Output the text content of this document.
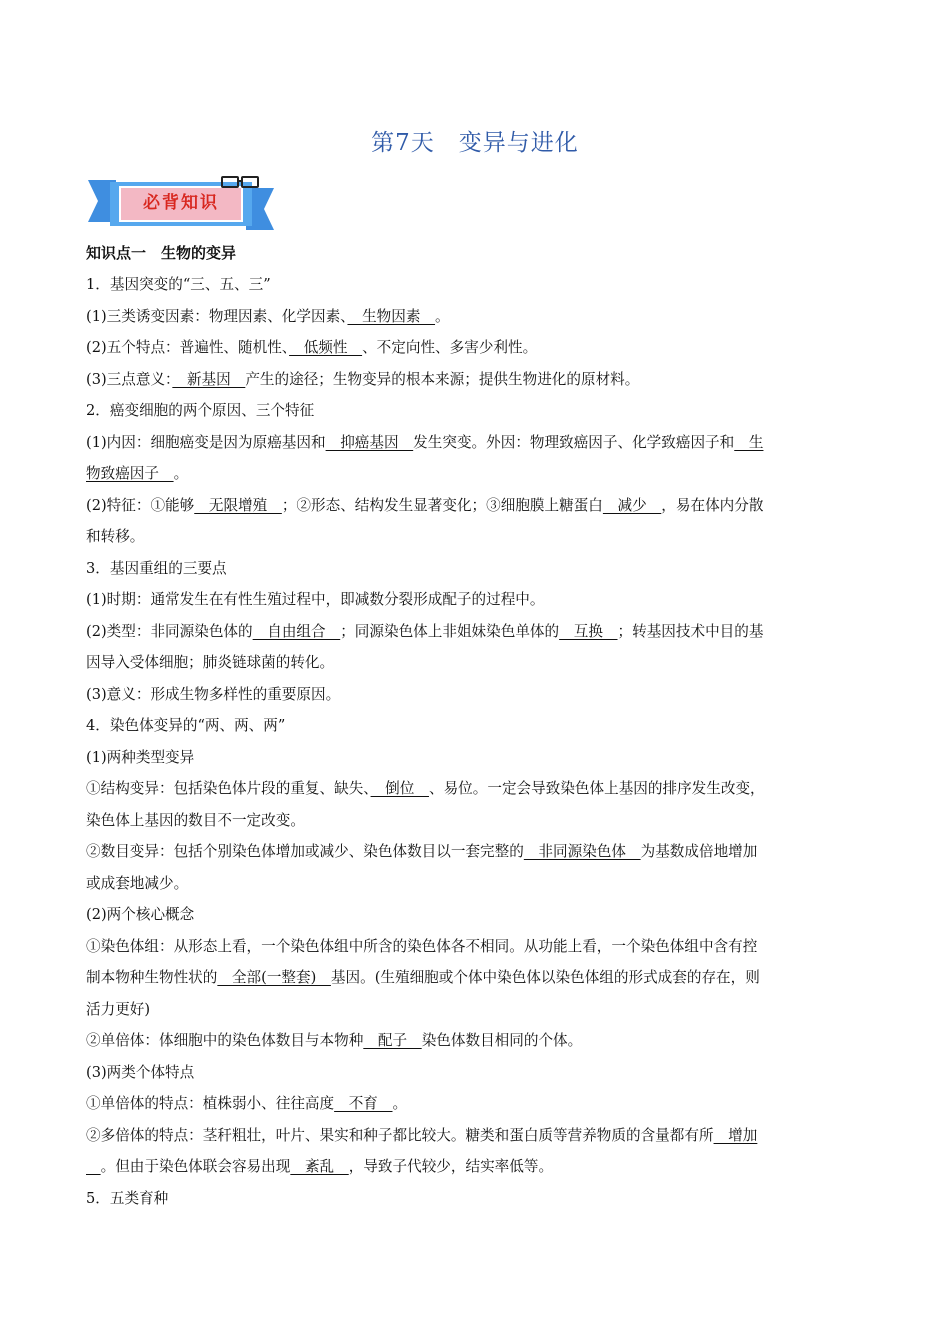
第7天　变异与进化
必背知识
知识点一　生物的变异

1．基因突变的“三、五、三”

(1)三类诱变因素：物理因素、化学因素、　生物因素　。

(2)五个特点：普遍性、随机性、　低频性　、不定向性、多害少利性。

(3)三点意义：　新基因　产生的途径；生物变异的根本来源；提供生物进化的原材料。

2．癌变细胞的两个原因、三个特征

(1)内因：细胞癌变是因为原癌基因和　抑癌基因　发生突变。外因：物理致癌因子、化学致癌因子和　生

物致癌因子　。

(2)特征：①能够　无限增殖　；②形态、结构发生显著变化；③细胞膜上糖蛋白　减少　，易在体内分散

和转移。

3．基因重组的三要点

(1)时期：通常发生在有性生殖过程中，即减数分裂形成配子的过程中。

(2)类型：非同源染色体的　自由组合　；同源染色体上非姐妹染色单体的　互换　；转基因技术中目的基

因导入受体细胞；肺炎链球菌的转化。

(3)意义：形成生物多样性的重要原因。

4．染色体变异的“两、两、两”

(1)两种类型变异

①结构变异：包括染色体片段的重复、缺失、　倒位　、易位。一定会导致染色体上基因的排序发生改变，

染色体上基因的数目不一定改变。

②数目变异：包括个别染色体增加或减少、染色体数目以一套完整的　非同源染色体　为基数成倍地增加

或成套地减少。

(2)两个核心概念

①染色体组：从形态上看，一个染色体组中所含的染色体各不相同。从功能上看，一个染色体组中含有控

制本物种生物性状的　全部(一整套)　基因。(生殖细胞或个体中染色体以染色体组的形式成套的存在，则

活力更好)

②单倍体：体细胞中的染色体数目与本物种　配子　染色体数目相同的个体。

(3)两类个体特点

①单倍体的特点：植株弱小、往往高度　不育　。

②多倍体的特点：茎秆粗壮，叶片、果实和种子都比较大。糖类和蛋白质等营养物质的含量都有所　增加

　。但由于染色体联会容易出现　紊乱　，导致子代较少，结实率低等。

5．五类育种
